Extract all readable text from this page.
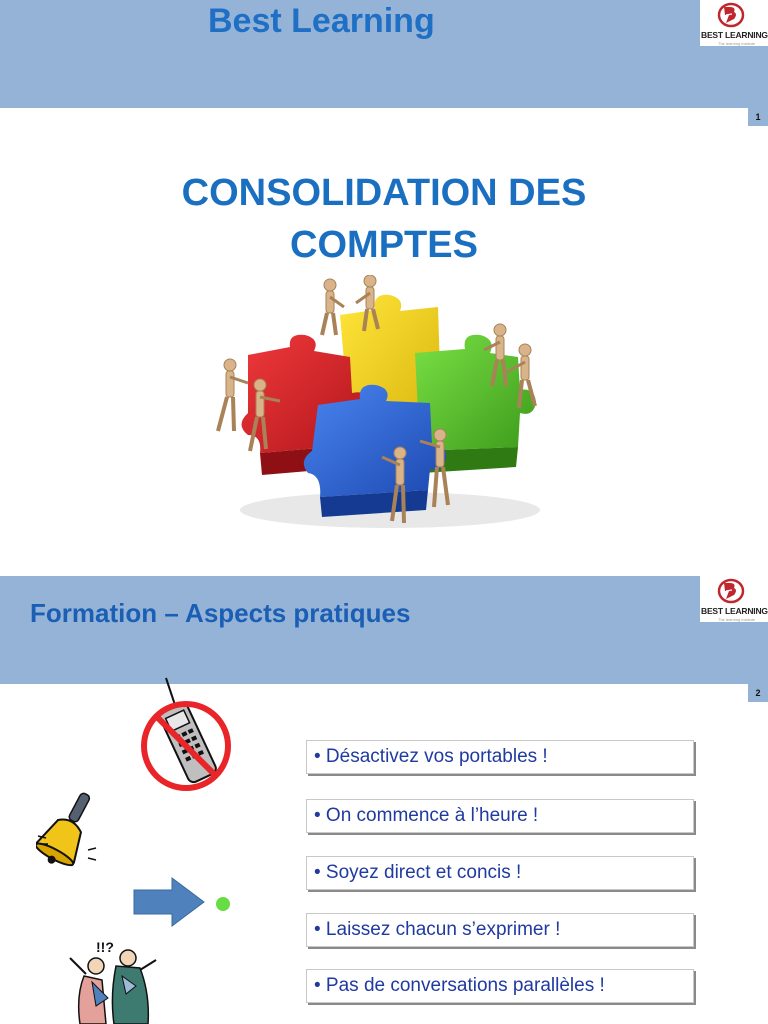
Best Learning	BEST LEARNING
The learning institute
1
CONSOLIDATION DES
COMPTES
Formation – Aspects pratiques	BEST LEARNING
The learning institute
2
!!?
• Désactivez vos portables !
• On commence à l’heure !
• Soyez direct et concis !
• Laissez chacun s’exprimer !
• Pas de conversations parallèles !
